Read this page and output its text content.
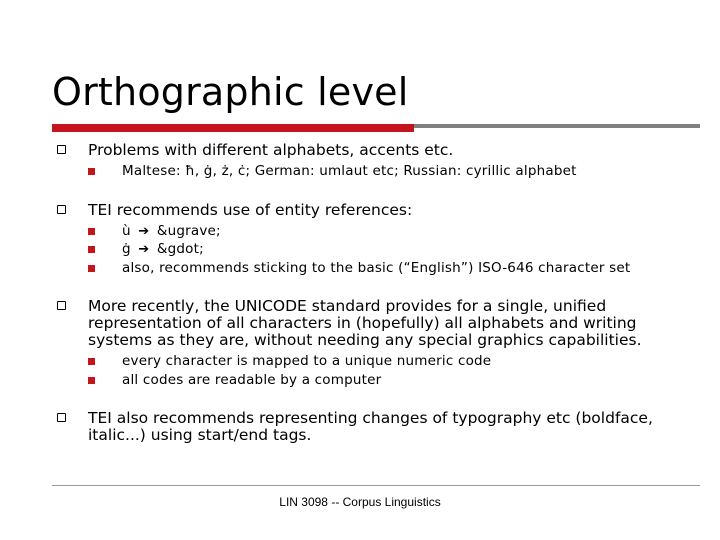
Orthographic level
Problems with different alphabets, accents etc.
Maltese: ħ, ġ, ż, ċ; German: umlaut etc; Russian: cyrillic alphabet
TEI recommends use of entity references:
ù ➔ &ugrave;
ġ ➔ &gdot;
also, recommends sticking to the basic (“English”) ISO-646 character set
More recently, the UNICODE standard provides for a single, unified representation of all characters in (hopefully) all alphabets and writing systems as they are, without needing any special graphics capabilities.
every character is mapped to a unique numeric code
all codes are readable by a computer
TEI also recommends representing changes of typography etc (boldface, italic...) using start/end tags.
LIN 3098 -- Corpus Linguistics
